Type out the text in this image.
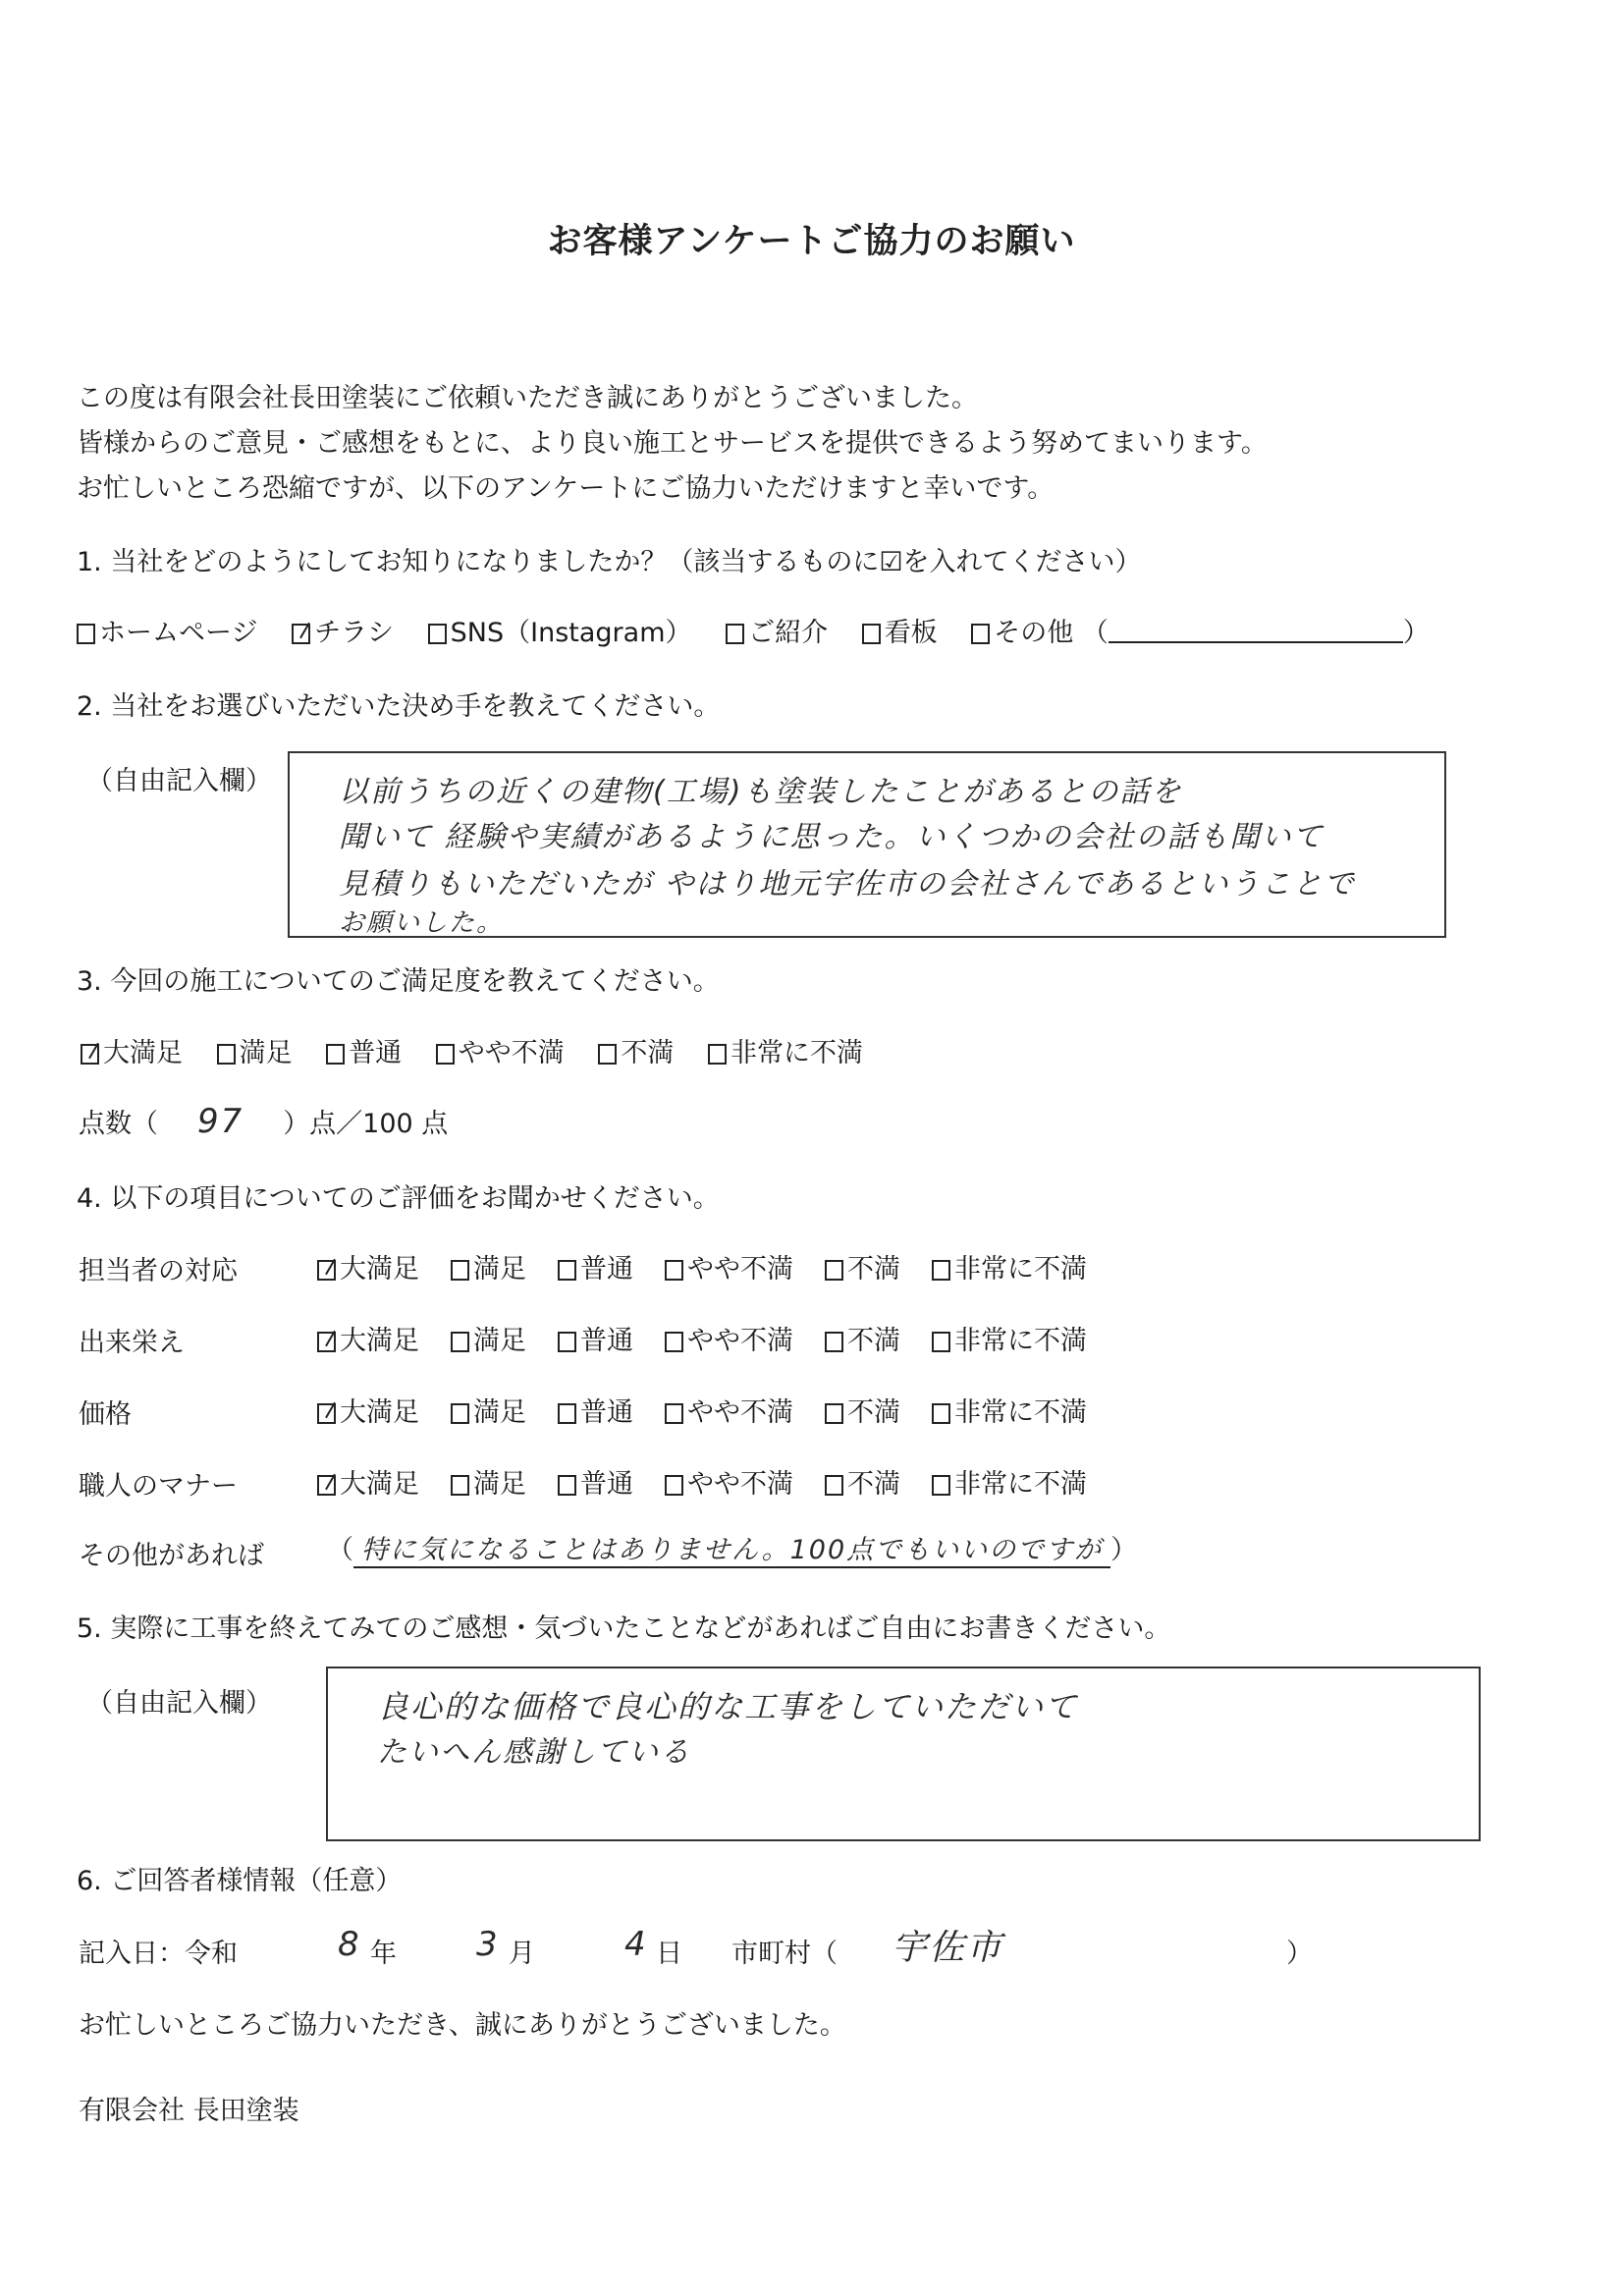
お客様アンケートご協力のお願い
この度は有限会社長田塗装にご依頼いただき誠にありがとうございました。
皆様からのご意見・ご感想をもとに、より良い施工とサービスを提供できるよう努めてまいります。
お忙しいところ恐縮ですが、以下のアンケートにご協力いただけますと幸いです。
1. 当社をどのようにしてお知りになりましたか？（該当するものに☑を入れてください）
ホームページ チラシ SNS（Instagram） ご紹介 看板 その他 （	）
2. 当社をお選びいただいた決め手を教えてください。
（自由記入欄） 以前うちの近くの建物(工場)も塗装したことがあるとの話を
聞いて 経験や実績があるように思った。いくつかの会社の話も聞いて
見積りもいただいたが やはり地元宇佐市の会社さんであるということで
お願いした。
3. 今回の施工についてのご満足度を教えてください。
大満足 満足 普通 やや不満 不満 非常に不満
点数（ 97 ）点／100 点
4. 以下の項目についてのご評価をお聞かせください。
担当者の対応	大満足 満足 普通 やや不満 不満 非常に不満
出来栄え	大満足 満足 普通 やや不満 不満 非常に不満
価格	大満足 満足 普通 やや不満 不満 非常に不満
職人のマナー	大満足 満足 普通 やや不満 不満 非常に不満
その他があれば （ 特に気になることはありません。100点でもいいのですが ）
5. 実際に工事を終えてみてのご感想・気づいたことなどがあればご自由にお書きください。
（自由記入欄）	良心的な価格で良心的な工事をしていただいて
たいへん感謝している
6. ご回答者様情報（任意）
記入日：令和	8 年 3 月	4 日 市町村（ 宇佐市	）
お忙しいところご協力いただき、誠にありがとうございました。
有限会社 長田塗装
